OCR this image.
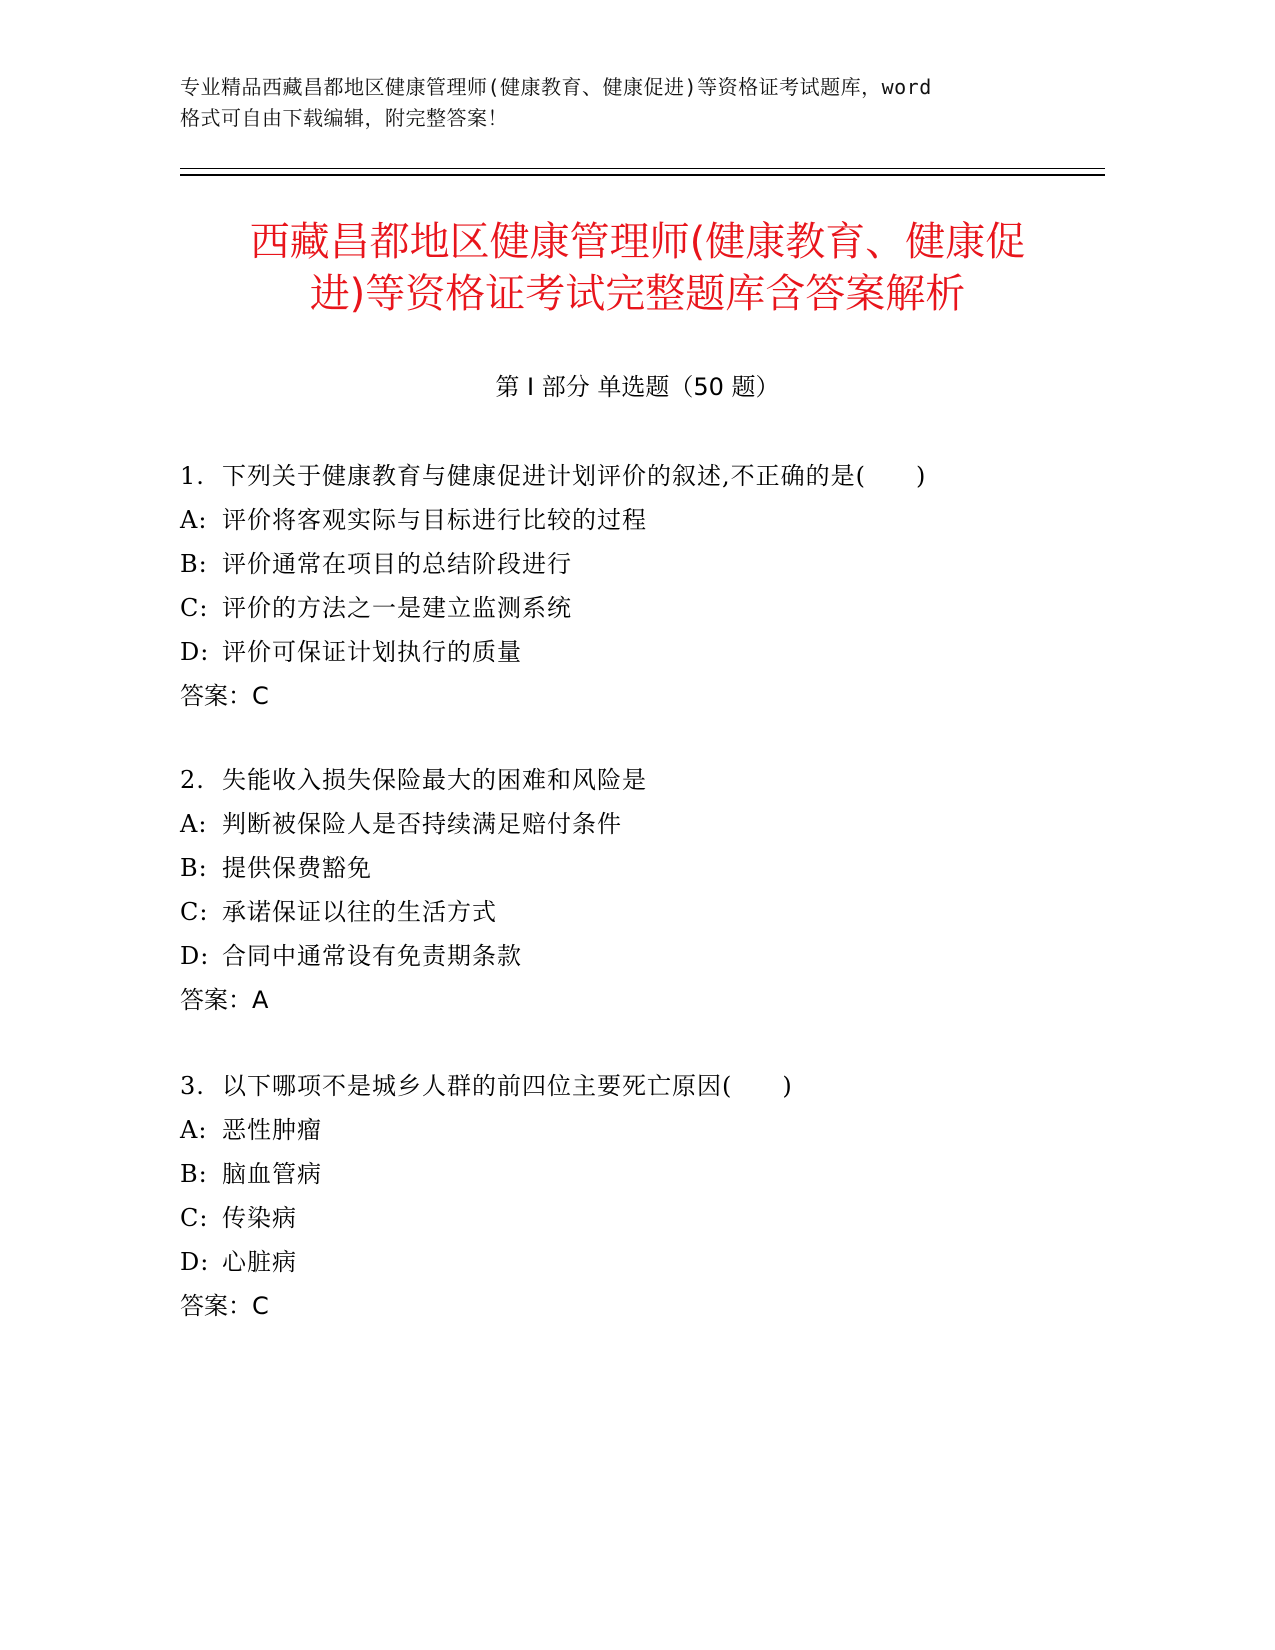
专业精品西藏昌都地区健康管理师(健康教育、健康促进)等资格证考试题库，word
格式可自由下载编辑，附完整答案！
西藏昌都地区健康管理师(健康教育、健康促
进)等资格证考试完整题库含答案解析
第 I 部分 单选题（50 题）
1. 下列关于健康教育与健康促进计划评价的叙述,不正确的是(　　)
A: 评价将客观实际与目标进行比较的过程
B: 评价通常在项目的总结阶段进行
C: 评价的方法之一是建立监测系统
D: 评价可保证计划执行的质量
答案：C
2. 失能收入损失保险最大的困难和风险是
A: 判断被保险人是否持续满足赔付条件
B: 提供保费豁免
C: 承诺保证以往的生活方式
D: 合同中通常设有免责期条款
答案：A
3. 以下哪项不是城乡人群的前四位主要死亡原因(　　)
A: 恶性肿瘤
B: 脑血管病
C: 传染病
D: 心脏病
答案：C
